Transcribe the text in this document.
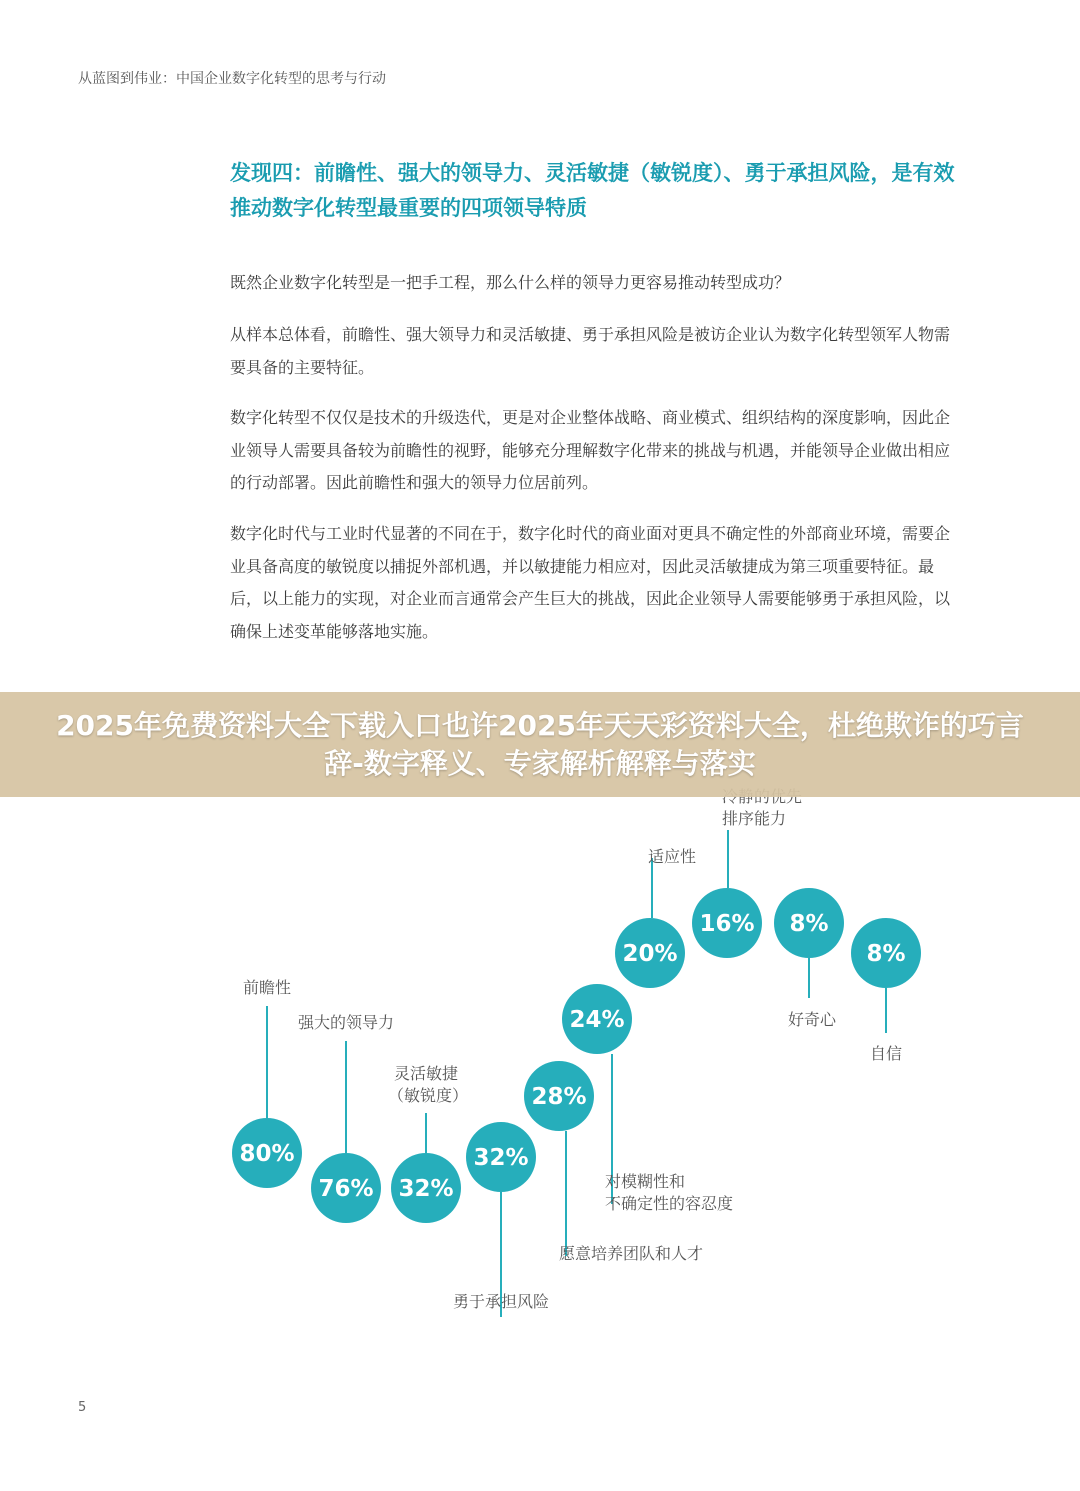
从蓝图到伟业：中国企业数字化转型的思考与行动
发现四：前瞻性、强大的领导力、灵活敏捷（敏锐度）、勇于承担风险，是有效推动数字化转型最重要的四项领导特质

既然企业数字化转型是一把手工程，那么什么样的领导力更容易推动转型成功？

从样本总体看，前瞻性、强大领导力和灵活敏捷、勇于承担风险是被访企业认为数字化转型领军人物需要具备的主要特征。

数字化转型不仅仅是技术的升级迭代，更是对企业整体战略、商业模式、组织结构的深度影响，因此企业领导人需要具备较为前瞻性的视野，能够充分理解数字化带来的挑战与机遇，并能领导企业做出相应的行动部署。因此前瞻性和强大的领导力位居前列。

数字化时代与工业时代显著的不同在于，数字化时代的商业面对更具不确定性的外部商业环境，需要企业具备高度的敏锐度以捕捉外部机遇，并以敏捷能力相应对，因此灵活敏捷成为第三项重要特征。最后，以上能力的实现，对企业而言通常会产生巨大的挑战，因此企业领导人需要能够勇于承担风险，以确保上述变革能够落地实施。

80%
前瞻性
76%
强大的领导力
32%
灵活敏捷
（敏锐度）
32%
勇于承担风险
28%
愿意培养团队和人才
24%
对模糊性和
不确定性的容忍度
20%
适应性
16%
排序能力
8%
好奇心
8%
自信
2025年免费资料大全下载入口也许2025年天天彩资料大全，杜绝欺诈的巧言辞-数字释义、专家解析解释与落实
5
